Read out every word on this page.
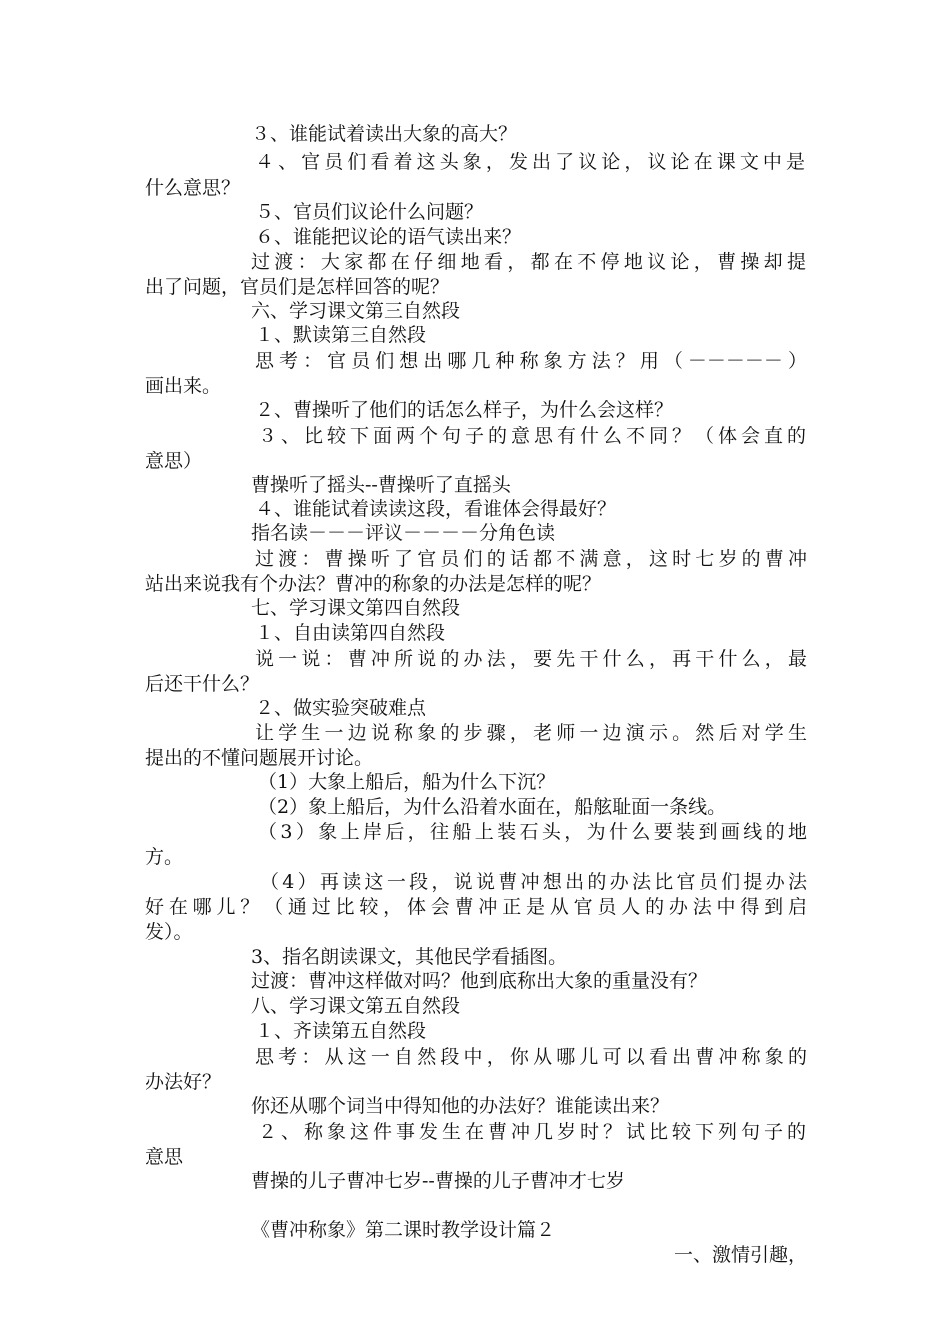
３、谁能试着读出大象的高大？
４、官员们看着这头象，发出了议论，议论在课文中是
什么意思？
５、官员们议论什么问题？
６、谁能把议论的语气读出来？
过渡：大家都在仔细地看，都在不停地议论，曹操却提
出了问题，官员们是怎样回答的呢？
六、学习课文第三自然段
１、默读第三自然段
思考：官员们想出哪几种称象方法？用（－－－－－）
画出来。
２、曹操听了他们的话怎么样子，为什么会这样？
３、比较下面两个句子的意思有什么不同？（体会直的
意思）
曹操听了摇头--曹操听了直摇头
４、谁能试着读读这段，看谁体会得最好？
指名读－－－评议－－－－分角色读
过渡：曹操听了官员们的话都不满意，这时七岁的曹冲
站出来说我有个办法？曹冲的称象的办法是怎样的呢？
七、学习课文第四自然段
１、自由读第四自然段
说一说：曹冲所说的办法，要先干什么，再干什么，最
后还干什么？
２、做实验突破难点
让学生一边说称象的步骤，老师一边演示。然后对学生
提出的不懂问题展开讨论。
（1）大象上船后，船为什么下沉？
（2）象上船后，为什么沿着水面在，船舷耻面一条线。
（3）象上岸后，往船上装石头，为什么要装到画线的地
方。
（4）再读这一段，说说曹冲想出的办法比官员们提办法
好在哪儿？（通过比较，体会曹冲正是从官员人的办法中得到启
发）。
3、指名朗读课文，其他民学看插图。
过渡：曹冲这样做对吗？他到底称出大象的重量没有？
八、学习课文第五自然段
１、齐读第五自然段
思考：从这一自然段中，你从哪儿可以看出曹冲称象的
办法好？
你还从哪个词当中得知他的办法好？谁能读出来？
２、称象这件事发生在曹冲几岁时？试比较下列句子的
意思
曹操的儿子曹冲七岁--曹操的儿子曹冲才七岁

《曹冲称象》第二课时教学设计篇２

一、激情引趣，
